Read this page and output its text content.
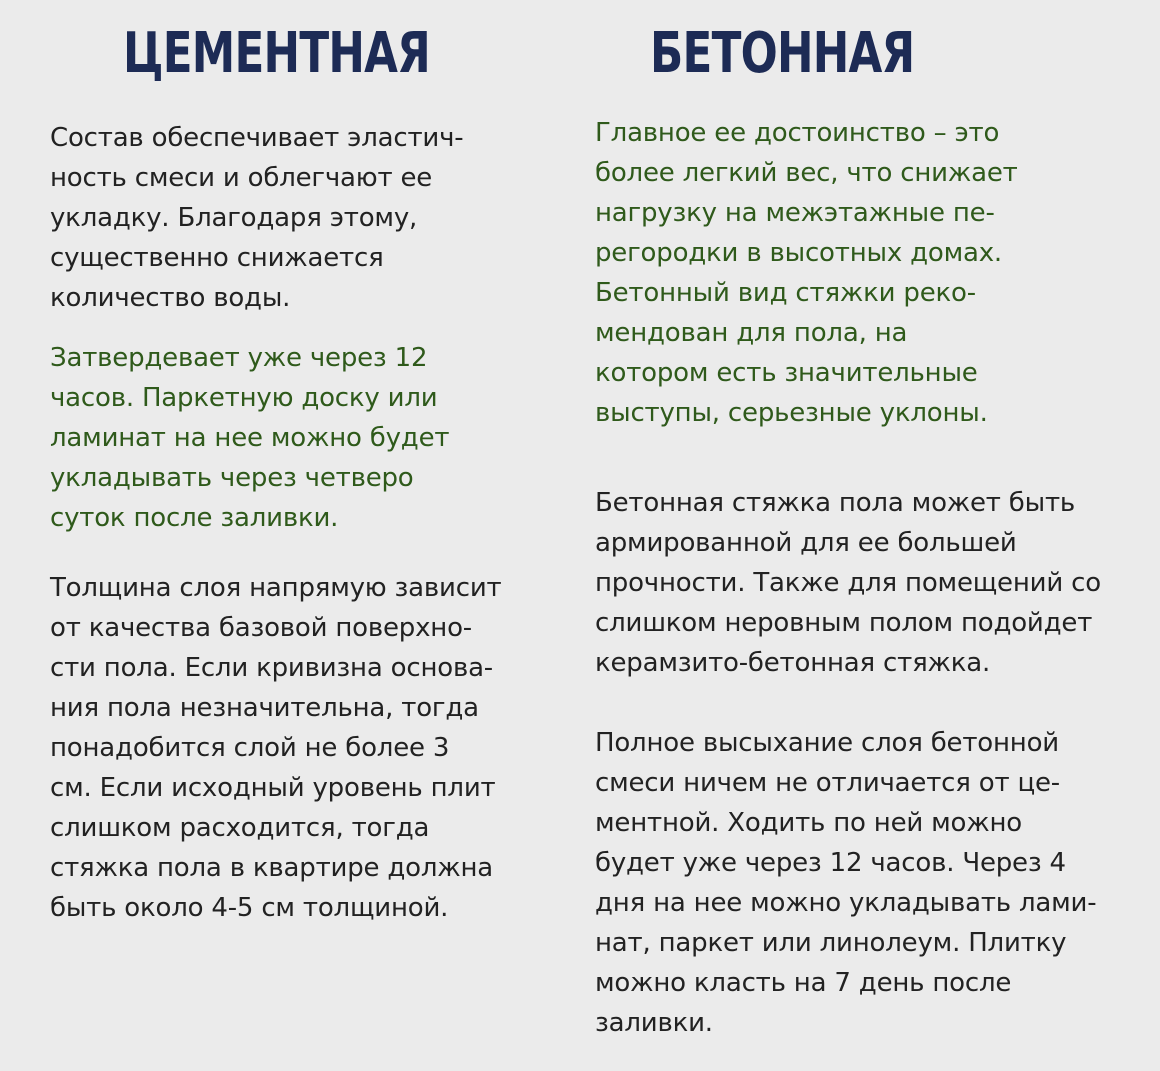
ЦЕМЕНТНАЯ

Состав обеспечивает эластич-
ность смеси и облегчают ее
укладку. Благодаря этому,
существенно снижается
количество воды.

Затвердевает уже через 12
часов. Паркетную доску или
ламинат на нее можно будет
укладывать через четверо
суток после заливки.

Толщина слоя напрямую зависит
от качества базовой поверхно-
сти пола. Если кривизна основа-
ния пола незначительна, тогда
понадобится слой не более 3
см. Если исходный уровень плит
слишком расходится, тогда
стяжка пола в квартире должна
быть около 4-5 см толщиной.

БЕТОННАЯ

Главное ее достоинство – это
более легкий вес, что снижает
нагрузку на межэтажные пе-
регородки в высотных домах.
Бетонный вид стяжки реко-
мендован для пола, на
котором есть значительные
выступы, серьезные уклоны.

Бетонная стяжка пола может быть
армированной для ее большей
прочности. Также для помещений со
слишком неровным полом подойдет
керамзито-бетонная стяжка.

Полное высыхание слоя бетонной
смеси ничем не отличается от це-
ментной. Ходить по ней можно
будет уже через 12 часов. Через 4
дня на нее можно укладывать лами-
нат, паркет или линолеум. Плитку
можно класть на 7 день после
заливки.
